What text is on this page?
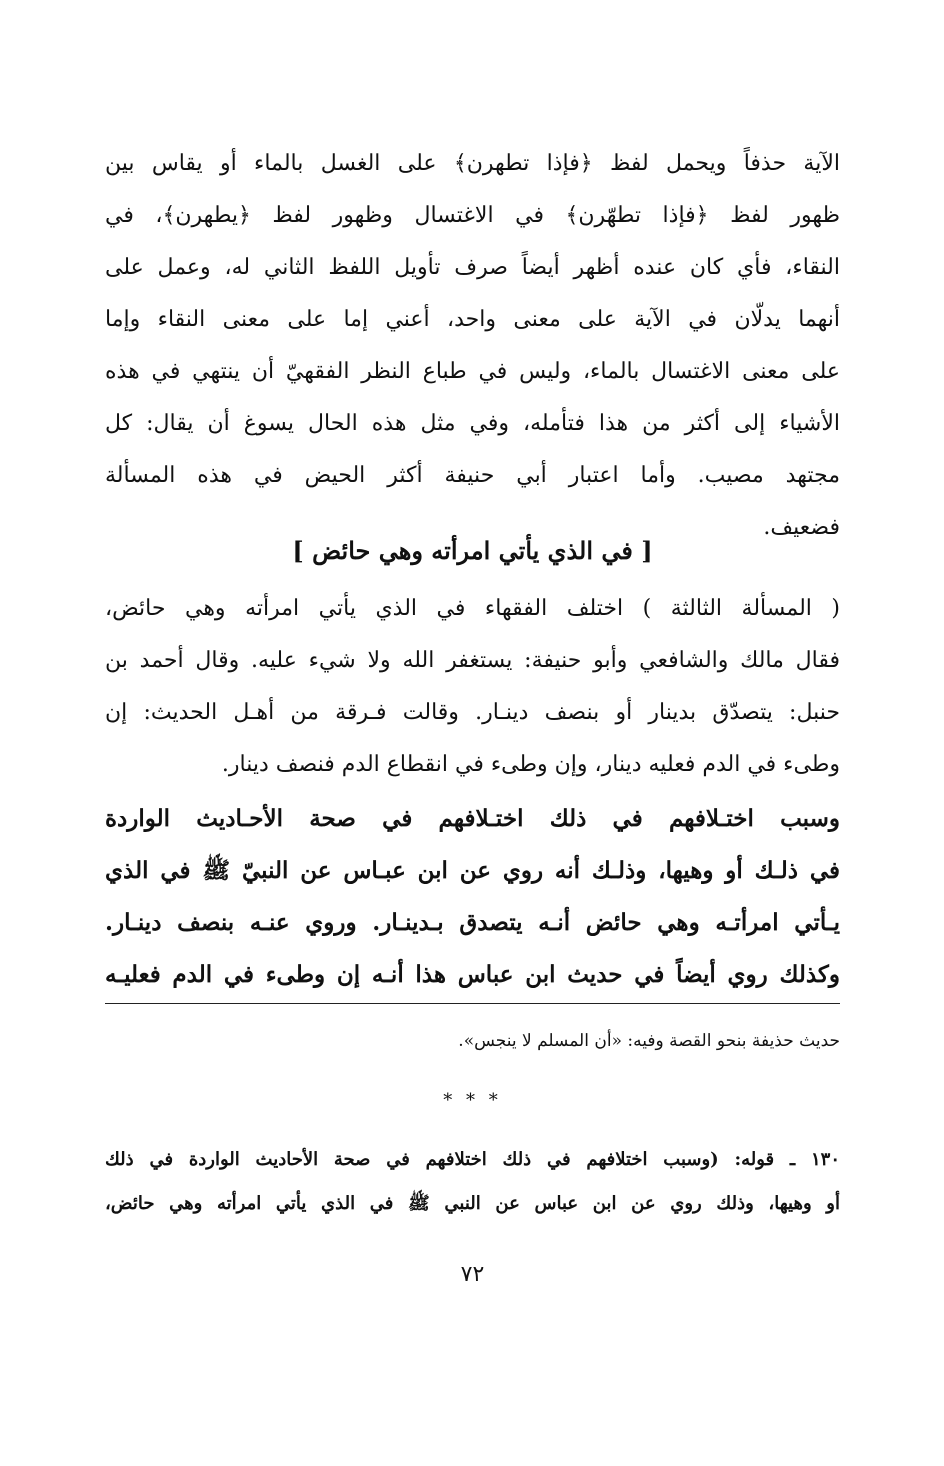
الآية حذفاً ويحمل لفظ ﴿فإذا تطهرن﴾ على الغسل بالماء أو يقاس بين
ظهور لفظ ﴿فإذا تطهّرن﴾ في الاغتسال وظهور لفظ ﴿يطهرن﴾، في
النقاء، فأي كان عنده أظهر أيضاً صرف تأويل اللفظ الثاني له، وعمل على
أنهما يدلّان في الآية على معنى واحد، أعني إما على معنى النقاء وإما
على معنى الاغتسال بالماء، وليس في طباع النظر الفقهيّ أن ينتهي في هذه
الأشياء إلى أكثر من هذا فتأمله، وفي مثل هذه الحال يسوغ أن يقال: كل
مجتهد مصيب. وأما اعتبار أبي حنيفة أكثر الحيض في هذه المسألة
فضعيف.
[ في الذي يأتي امرأته وهي حائض ]
( المسألة الثالثة ) اختلف الفقهاء في الذي يأتي امرأته وهي حائض،
فقال مالك والشافعي وأبو حنيفة: يستغفر الله ولا شيء عليه. وقال أحمد بن
حنبل: يتصدّق بدينار أو بنصف دينـار. وقالت فـرقة من أهـل الحديث: إن
وطىء في الدم فعليه دينار، وإن وطىء في انقطاع الدم فنصف دينار.
وسبب اختـلافهم في ذلك اختـلافهم في صحة الأحـاديث الواردة
في ذلـك أو وهيها، وذلـك أنه روي عن ابن عبـاس عن النبيّ ﷺ في الذي
يـأتي امرأتـه وهي حائض أنـه يتصدق بـدينـار. وروي عنـه بنصف دينـار.
وكذلك روي أيضاً في حديث ابن عباس هذا أنـه إن وطىء في الدم فعليـه
حديث حذيفة بنحو القصة وفيه: «أن المسلم لا ينجس».
* * *
١٣٠ ـ قوله: (وسبب اختلافهم في ذلك اختلافهم في صحة الأحاديث الواردة في ذلك
أو وهيها، وذلك روي عن ابن عباس عن النبي ﷺ في الذي يأتي امرأته وهي حائض،
٧٢
